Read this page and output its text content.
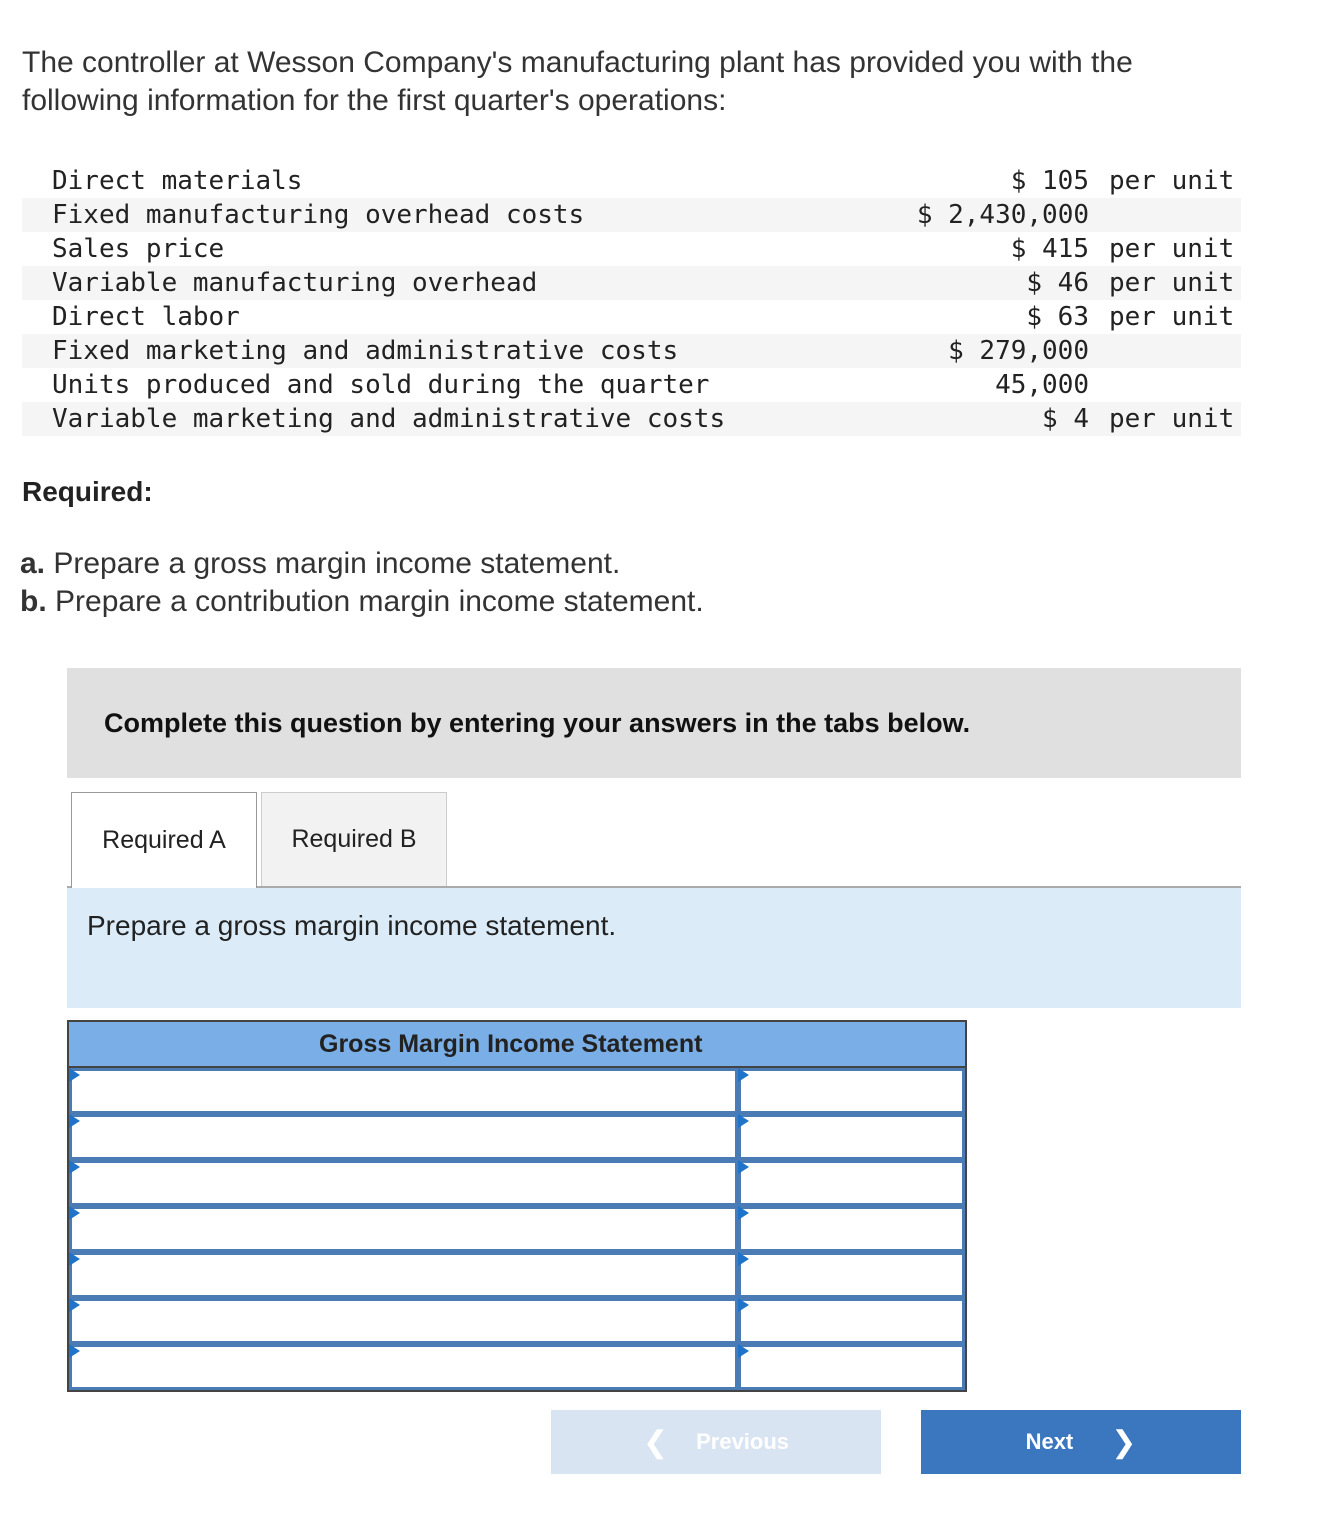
The controller at Wesson Company's manufacturing plant has provided you with the following information for the first quarter's operations:

Direct materials	$ 105	per unit
Fixed manufacturing overhead costs	$ 2,430,000	
Sales price	$ 415	per unit
Variable manufacturing overhead	$ 46	per unit
Direct labor	$ 63	per unit
Fixed marketing and administrative costs	$ 279,000	
Units produced and sold during the quarter	45,000	
Variable marketing and administrative costs	$ 4	per unit
Required:
a. Prepare a gross margin income statement.
b. Prepare a contribution margin income statement.
Complete this question by entering your answers in the tabs below.
Required A	Required B
Prepare a gross margin income statement.
Gross Margin Income Statement
❮ Previous	Next ❯
